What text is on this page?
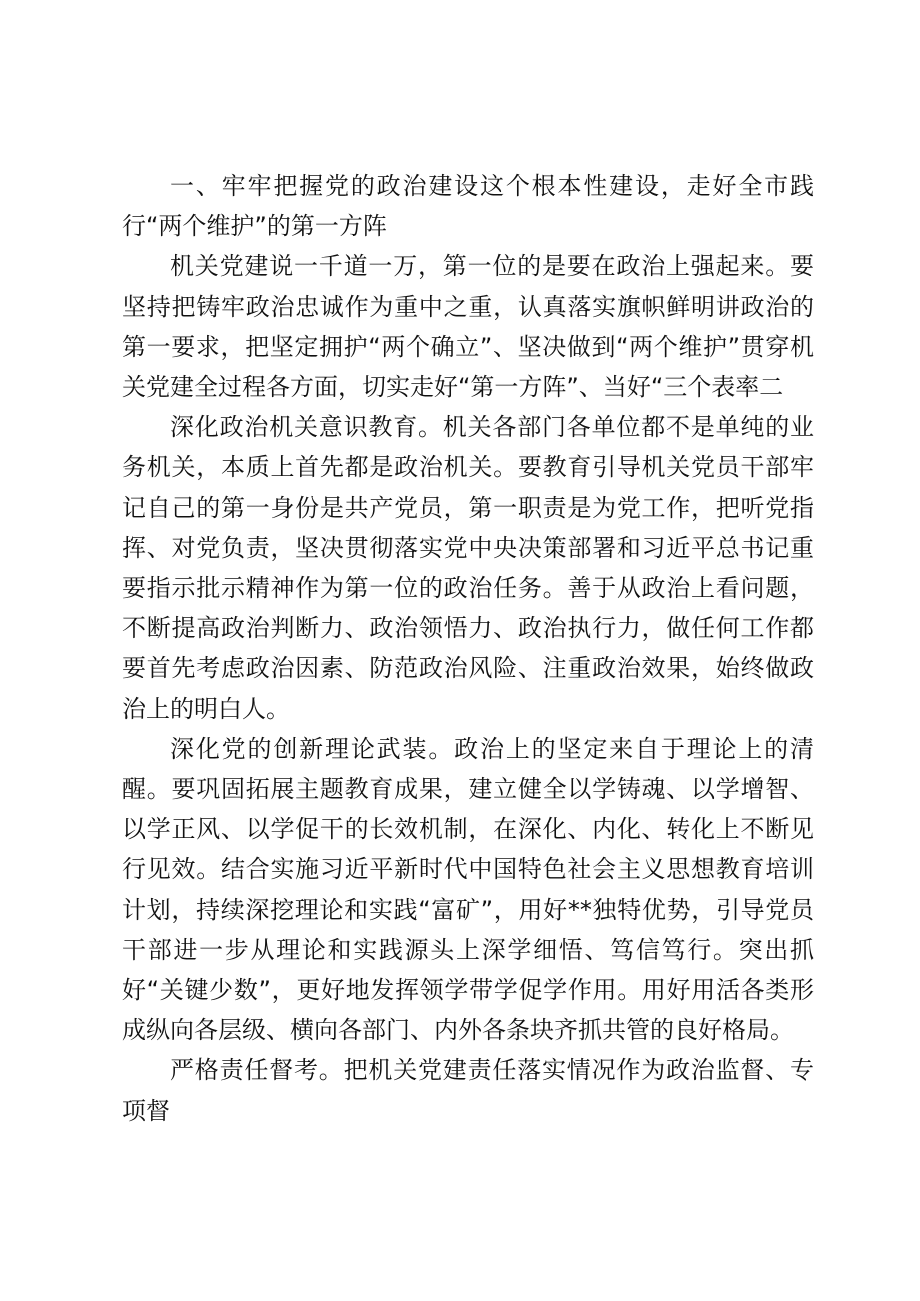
一、牢牢把握党的政治建设这个根本性建设，走好全市践行“两个维护”的第一方阵

机关党建说一千道一万，第一位的是要在政治上强起来。要坚持把铸牢政治忠诚作为重中之重，认真落实旗帜鲜明讲政治的第一要求，把坚定拥护“两个确立”、坚决做到“两个维护”贯穿机关党建全过程各方面，切实走好“第一方阵”、当好“三个表率二

深化政治机关意识教育。机关各部门各单位都不是单纯的业务机关，本质上首先都是政治机关。要教育引导机关党员干部牢记自己的第一身份是共产党员，第一职责是为党工作，把听党指挥、对党负责，坚决贯彻落实党中央决策部署和习近平总书记重要指示批示精神作为第一位的政治任务。善于从政治上看问题，不断提高政治判断力、政治领悟力、政治执行力，做任何工作都要首先考虑政治因素、防范政治风险、注重政治效果，始终做政治上的明白人。

深化党的创新理论武装。政治上的坚定来自于理论上的清醒。要巩固拓展主题教育成果，建立健全以学铸魂、以学增智、以学正风、以学促干的长效机制，在深化、内化、转化上不断见行见效。结合实施习近平新时代中国特色社会主义思想教育培训计划，持续深挖理论和实践“富矿”，用好**独特优势，引导党员干部进一步从理论和实践源头上深学细悟、笃信笃行。突出抓好“关键少数”，更好地发挥领学带学促学作用。用好用活各类形成纵向各层级、横向各部门、内外各条块齐抓共管的良好格局。

严格责任督考。把机关党建责任落实情况作为政治监督、专项督
